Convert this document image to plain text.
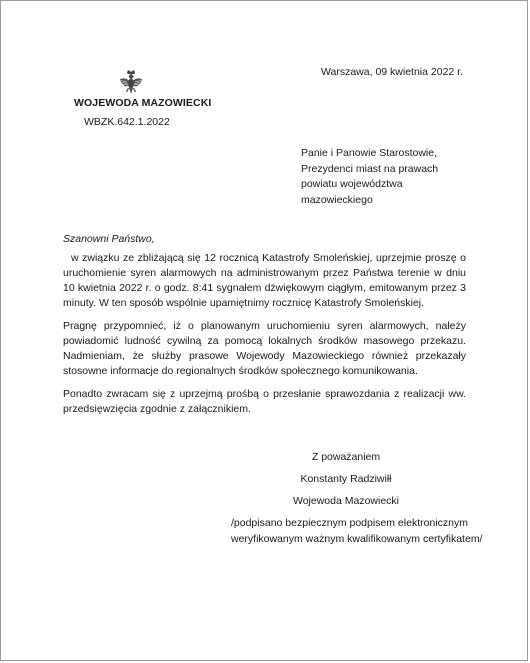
WOJEWODA MAZOWIECKI
WBZK.642.1.2022
Warszawa, 09 kwietnia 2022 r.
Panie i Panowie Starostowie,
Prezydenci miast na prawach
powiatu województwa
mazowieckiego
Szanowni Państwo,

w związku ze zbliżającą się 12 rocznicą Katastrofy Smoleńskiej, uprzejmie proszę o uruchomienie syren alarmowych na administrowanym przez Państwa terenie w dniu 10 kwietnia 2022 r. o godz. 8:41 sygnałem dźwiękowym ciągłym, emitowanym przez 3 minuty. W ten sposób wspólnie upamiętnimy rocznicę Katastrofy Smoleńskiej.

Pragnę przypomnieć, iż o planowanym uruchomieniu syren alarmowych, należy powiadomić ludność cywilną za pomocą lokalnych środków masowego przekazu. Nadmieniam, że służby prasowe Wojewody Mazowieckiego również przekazały stosowne informacje do regionalnych środków społecznego komunikowania.

Ponadto zwracam się z uprzejmą prośbą o przesłanie sprawozdania z realizacji ww. przedsięwzięcia zgodnie z załącznikiem.

Z poważaniem
Konstanty Radziwiłł
Wojewoda Mazowiecki
/podpisano bezpiecznym podpisem elektronicznym
weryfikowanym ważnym kwalifikowanym certyfikatem/
